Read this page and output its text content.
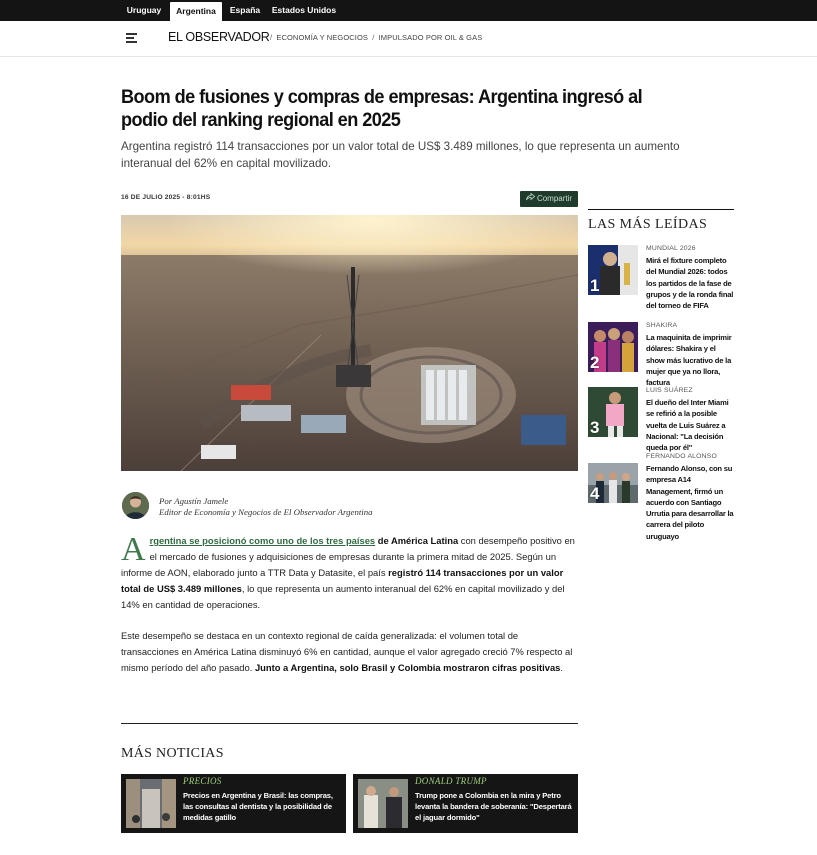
Uruguay	Argentina	España	Estados Unidos
EL OBSERVADOR / ECONOMÍA Y NEGOCIOS / IMPULSADO POR OIL & GAS
Boom de fusiones y compras de empresas: Argentina ingresó al podio del ranking regional en 2025

Argentina registró 114 transacciones por un valor total de US$ 3.489 millones, lo que representa un aumento interanual del 62% en capital movilizado.

16 DE JULIO 2025 - 8:01HS	Compartir
Por Agustín Jamele
Editor de Economía y Negocios de El Observador Argentina
Argentina se posicionó como uno de los tres países de América Latina con desempeño positivo en el mercado de fusiones y adquisiciones de empresas durante la primera mitad de 2025. Según un informe de AON, elaborado junto a TTR Data y Datasite, el país registró 114 transacciones por un valor total de US$ 3.489 millones, lo que representa un aumento interanual del 62% en capital movilizado y del 14% en cantidad de operaciones.
Este desempeño se destaca en un contexto regional de caída generalizada: el volumen total de transacciones en América Latina disminuyó 6% en cantidad, aunque el valor agregado creció 7% respecto al mismo período del año pasado. Junto a Argentina, solo Brasil y Colombia mostraron cifras positivas.
MÁS NOTICIAS
PRECIOS
Precios en Argentina y Brasil: las compras, las consultas al dentista y la posibilidad de medidas gatillo
DONALD TRUMP
Trump pone a Colombia en la mira y Petro levanta la bandera de soberanía: "Despertará el jaguar dormido"
LAS MÁS LEÍDAS
1
MUNDIAL 2026
Mirá el fixture completo del Mundial 2026: todos los partidos de la fase de grupos y de la ronda final del torneo de FIFA
2
SHAKIRA
La maquinita de imprimir dólares: Shakira y el show más lucrativo de la mujer que ya no llora, factura
3
LUIS SUÁREZ
El dueño del Inter Miami se refirió a la posible vuelta de Luis Suárez a Nacional: "La decisión queda por él"
4
FERNANDO ALONSO
Fernando Alonso, con su empresa A14 Management, firmó un acuerdo con Santiago Urrutia para desarrollar la carrera del piloto uruguayo
